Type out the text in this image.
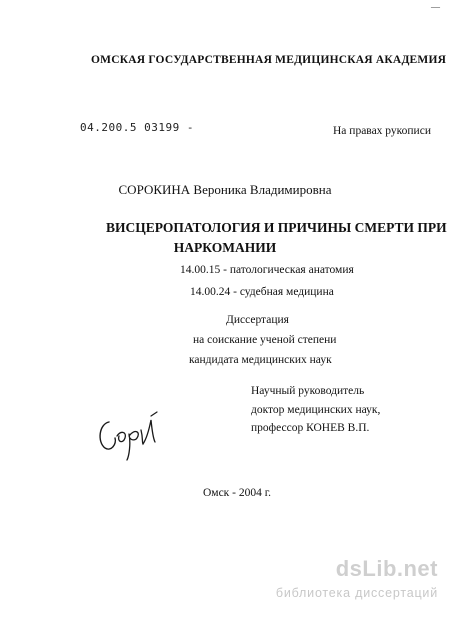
—
ОМСКАЯ ГОСУДАРСТВЕННАЯ МЕДИЦИНСКАЯ АКАДЕМИЯ
04.200.5 03199 -	На правах рукописи
СОРОКИНА Вероника Владимировна
ВИСЦЕРОПАТОЛОГИЯ И ПРИЧИНЫ СМЕРТИ ПРИ
НАРКОМАНИИ
14.00.15 - патологическая анатомия
14.00.24 - судебная медицина
Диссертация
на соискание ученой степени
кандидата медицинских наук
Научный руководитель
доктор медицинских наук,
профессор КОНЕВ В.П.
Омск - 2004 г.
dsLib.net
библиотека диссертаций
